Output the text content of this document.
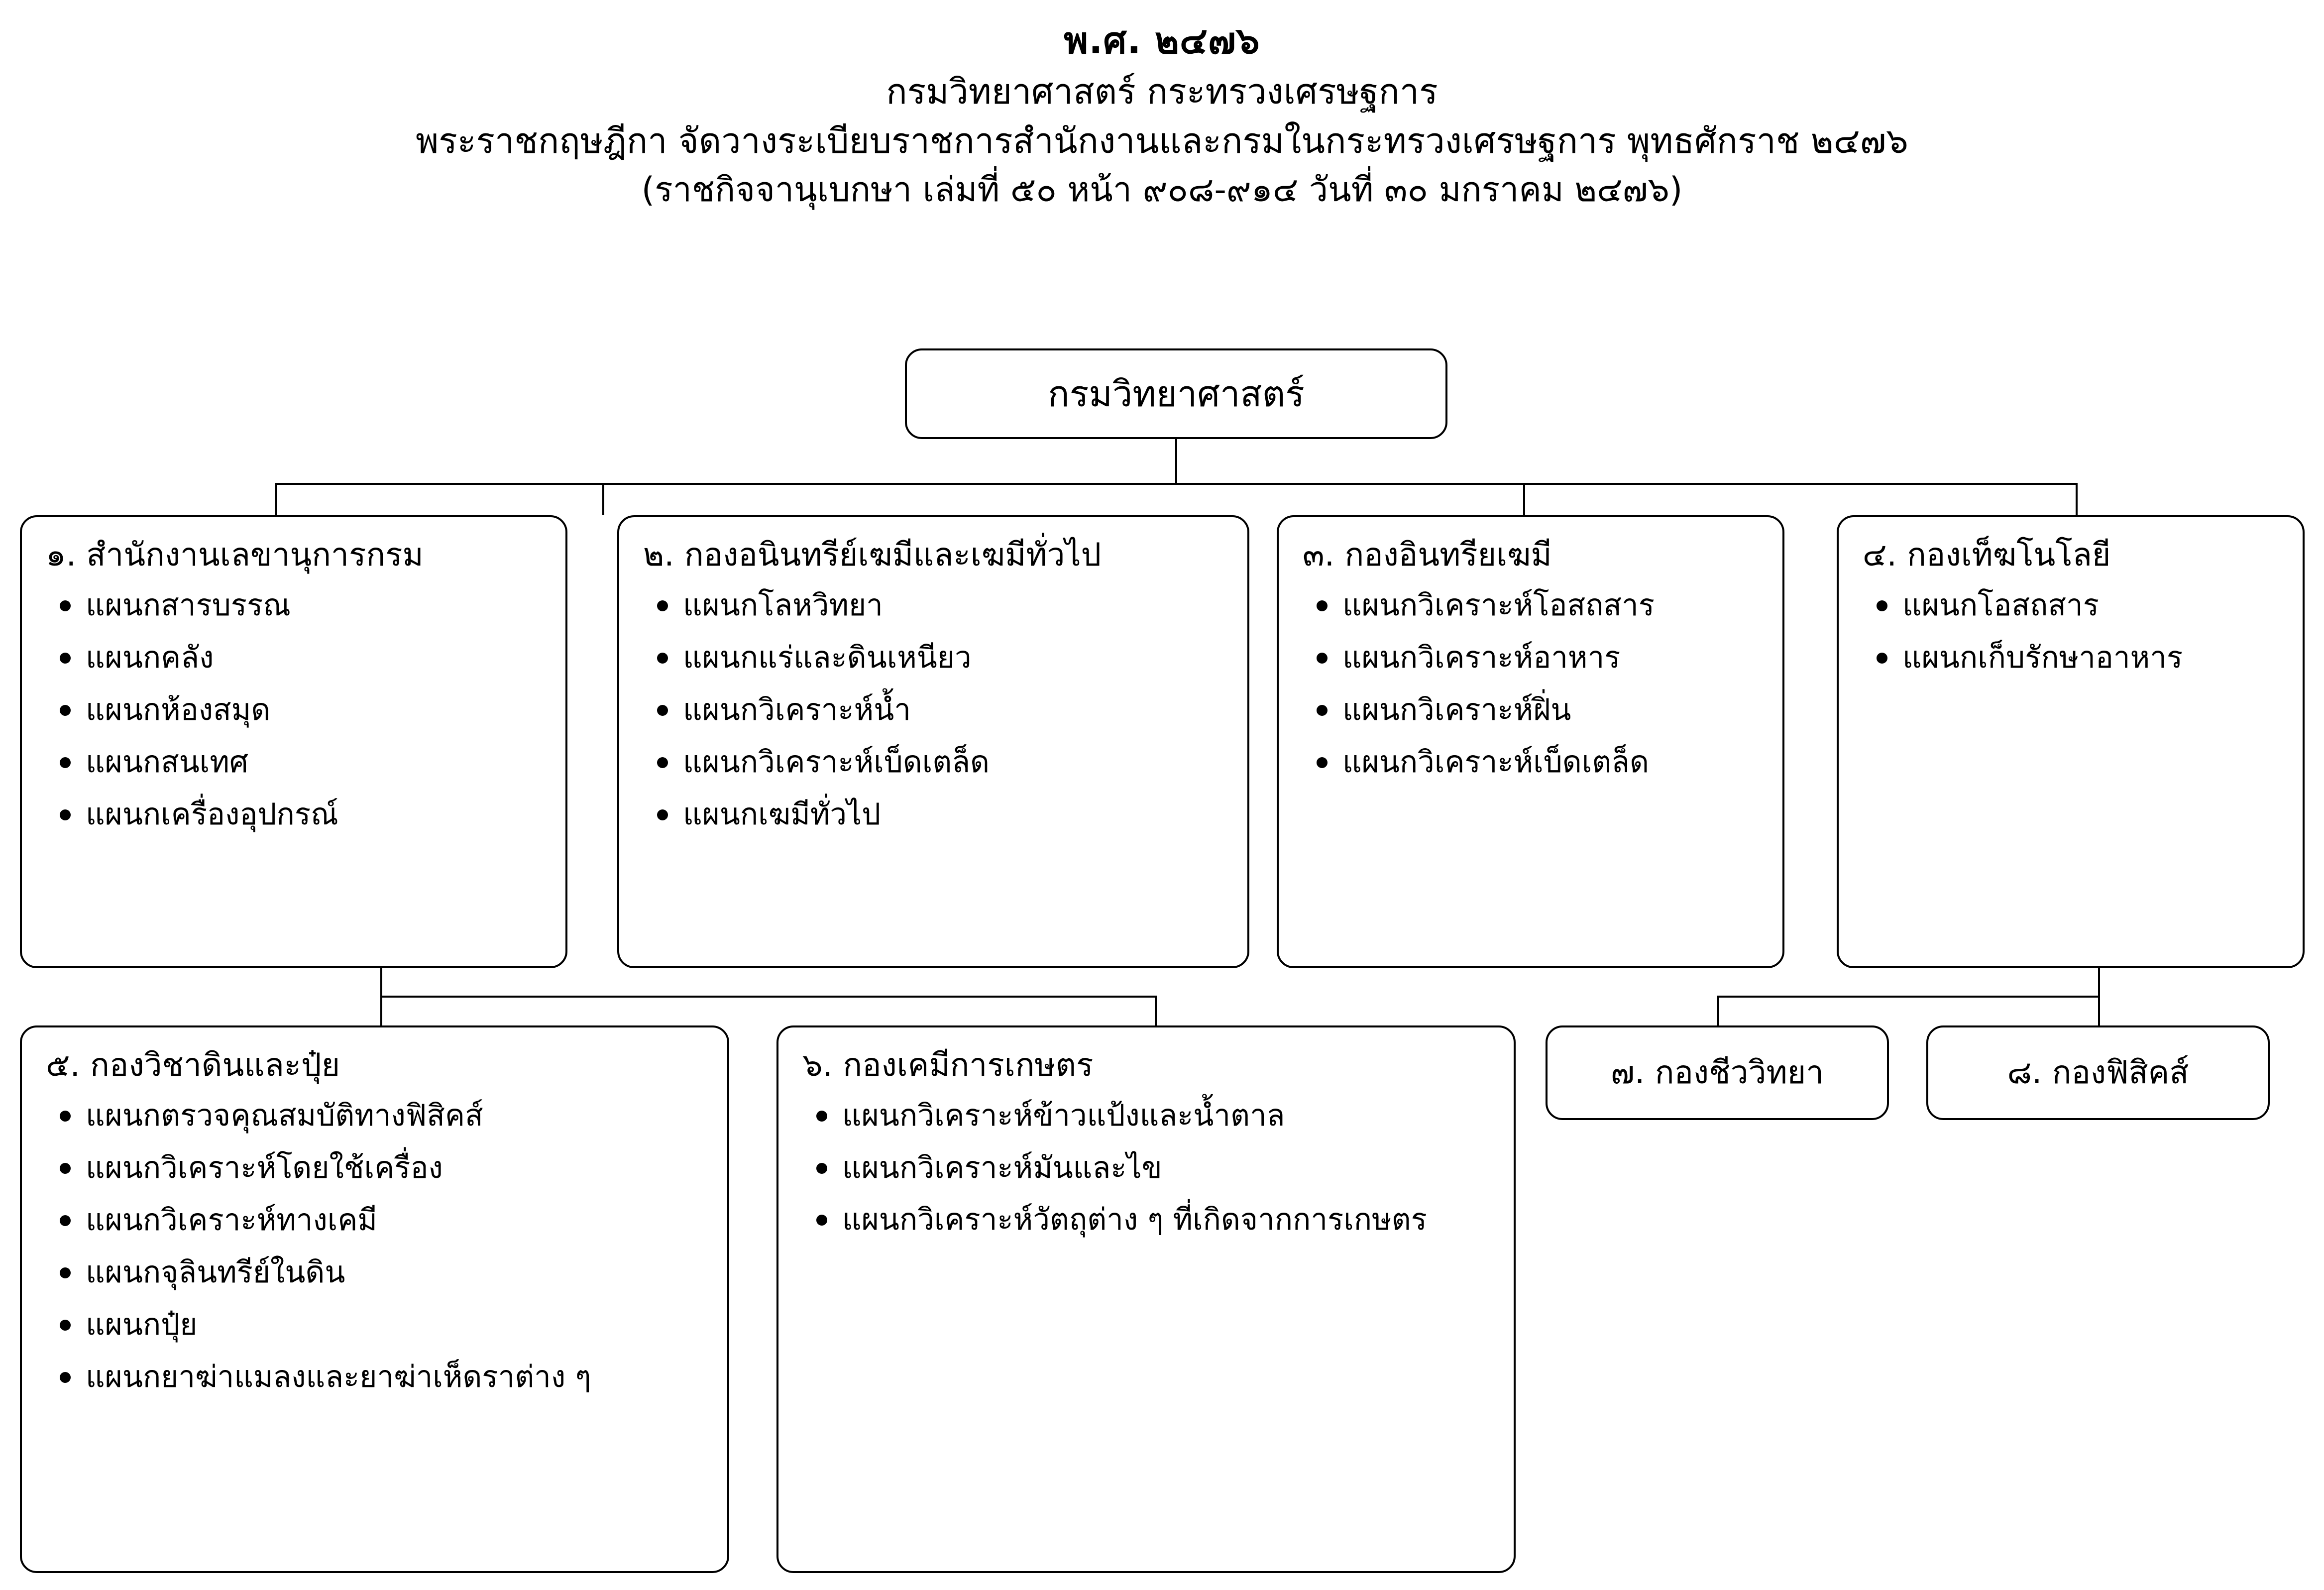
พ.ศ. ๒๔๗๖
กรมวิทยาศาสตร์ กระทรวงเศรษฐการ
พระราชกฤษฎีกา จัดวางระเบียบราชการสำนักงานและกรมในกระทรวงเศรษฐการ พุทธศักราช ๒๔๗๖
(ราชกิจจานุเบกษา เล่มที่ ๕๐ หน้า ๙๐๘-๙๑๔ วันที่ ๓๐ มกราคม ๒๔๗๖)
กรมวิทยาศาสตร์
๑. สำนักงานเลขานุการกรม
แผนกสารบรรณ
แผนกคลัง
แผนกห้องสมุด
แผนกสนเทศ
แผนกเครื่องอุปกรณ์
๒. กองอนินทรีย์เฆมีและเฆมีทั่วไป
แผนกโลหวิทยา
แผนกแร่และดินเหนียว
แผนกวิเคราะห์น้ำ
แผนกวิเคราะห์เบ็ดเตล็ด
แผนกเฆมีทั่วไป
๓. กองอินทรียเฆมี
แผนกวิเคราะห์โอสถสาร
แผนกวิเคราะห์อาหาร
แผนกวิเคราะห์ฝิ่น
แผนกวิเคราะห์เบ็ดเตล็ด
๔. กองเท็ฆโนโลยี
แผนกโอสถสาร
แผนกเก็บรักษาอาหาร
๕. กองวิชาดินและปุ๋ย
แผนกตรวจคุณสมบัติทางฟิสิคส์
แผนกวิเคราะห์โดยใช้เครื่อง
แผนกวิเคราะห์ทางเคมี
แผนกจุลินทรีย์ในดิน
แผนกปุ๋ย
แผนกยาฆ่าแมลงและยาฆ่าเห็ดราต่าง ๆ
๖. กองเคมีการเกษตร
แผนกวิเคราะห์ข้าวแป้งและน้ำตาล
แผนกวิเคราะห์มันและไข
แผนกวิเคราะห์วัตถุต่าง ๆ ที่เกิดจากการเกษตร
๗. กองชีววิทยา	๘. กองฟิสิคส์
